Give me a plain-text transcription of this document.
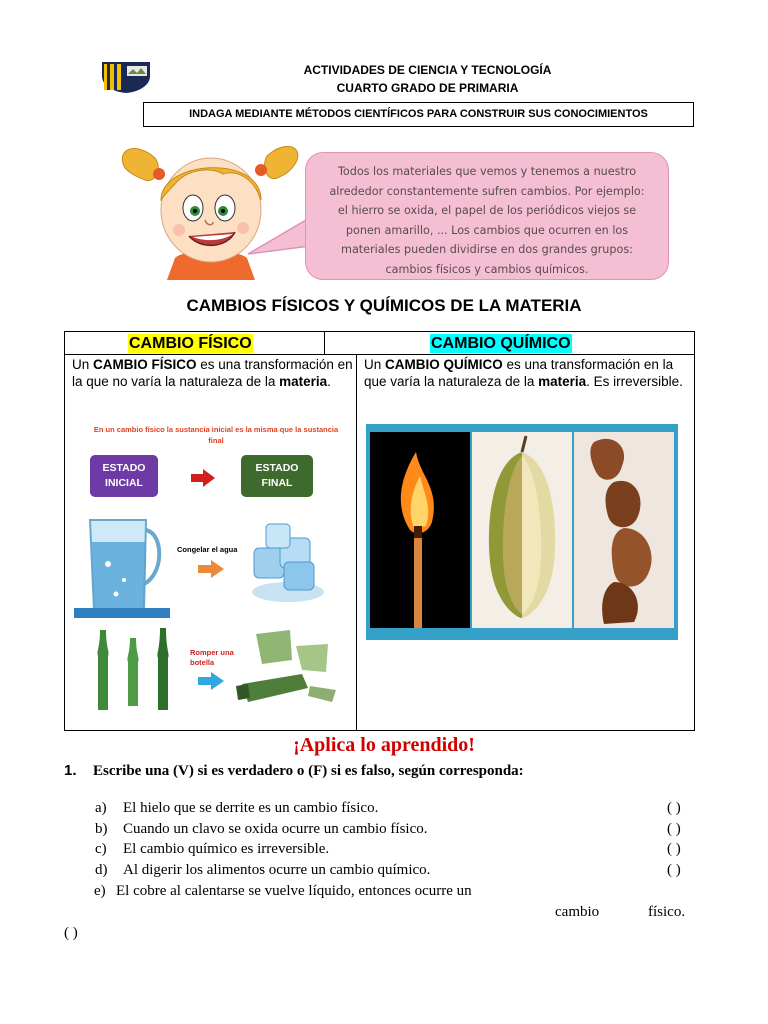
ACTIVIDADES DE CIENCIA Y TECNOLOGÍA
CUARTO GRADO DE PRIMARIA
INDAGA MEDIANTE MÉTODOS CIENTÍFICOS PARA CONSTRUIR SUS CONOCIMIENTOS
Todos los materiales que vemos y tenemos a nuestro
alrededor constantemente sufren cambios. Por ejemplo:
el hierro se oxida, el papel de los periódicos viejos se
ponen amarillo, ... Los cambios que ocurren en los
materiales pueden dividirse en dos grandes grupos:
cambios físicos y cambios químicos.
CAMBIOS FÍSICOS Y QUÍMICOS DE LA MATERIA
CAMBIO FÍSICO	CAMBIO QUÍMICO
Un CAMBIO FÍSICO es una transformación en la que no varía la naturaleza de la materia.
Un CAMBIO QUÍMICO es una transformación en la que varía la naturaleza de la materia. Es irreversible.
En un cambio físico la sustancia inicial es la misma que la sustancia final
ESTADO INICIAL
ESTADO FINAL
Congelar el agua
Romper una
botella
¡Aplica lo aprendido!
1. Escribe una (V) si es verdadero o (F) si es falso, según corresponda:
a) El hielo que se derrite es un cambio físico.	( )
b) Cuando un clavo se oxida ocurre un cambio físico.	( )
c) El cambio químico es irreversible.	( )
d) Al digerir los alimentos ocurre un cambio químico.	( )
e) El cobre al calentarse se vuelve líquido, entonces ocurre un
cambio	físico.
( )
